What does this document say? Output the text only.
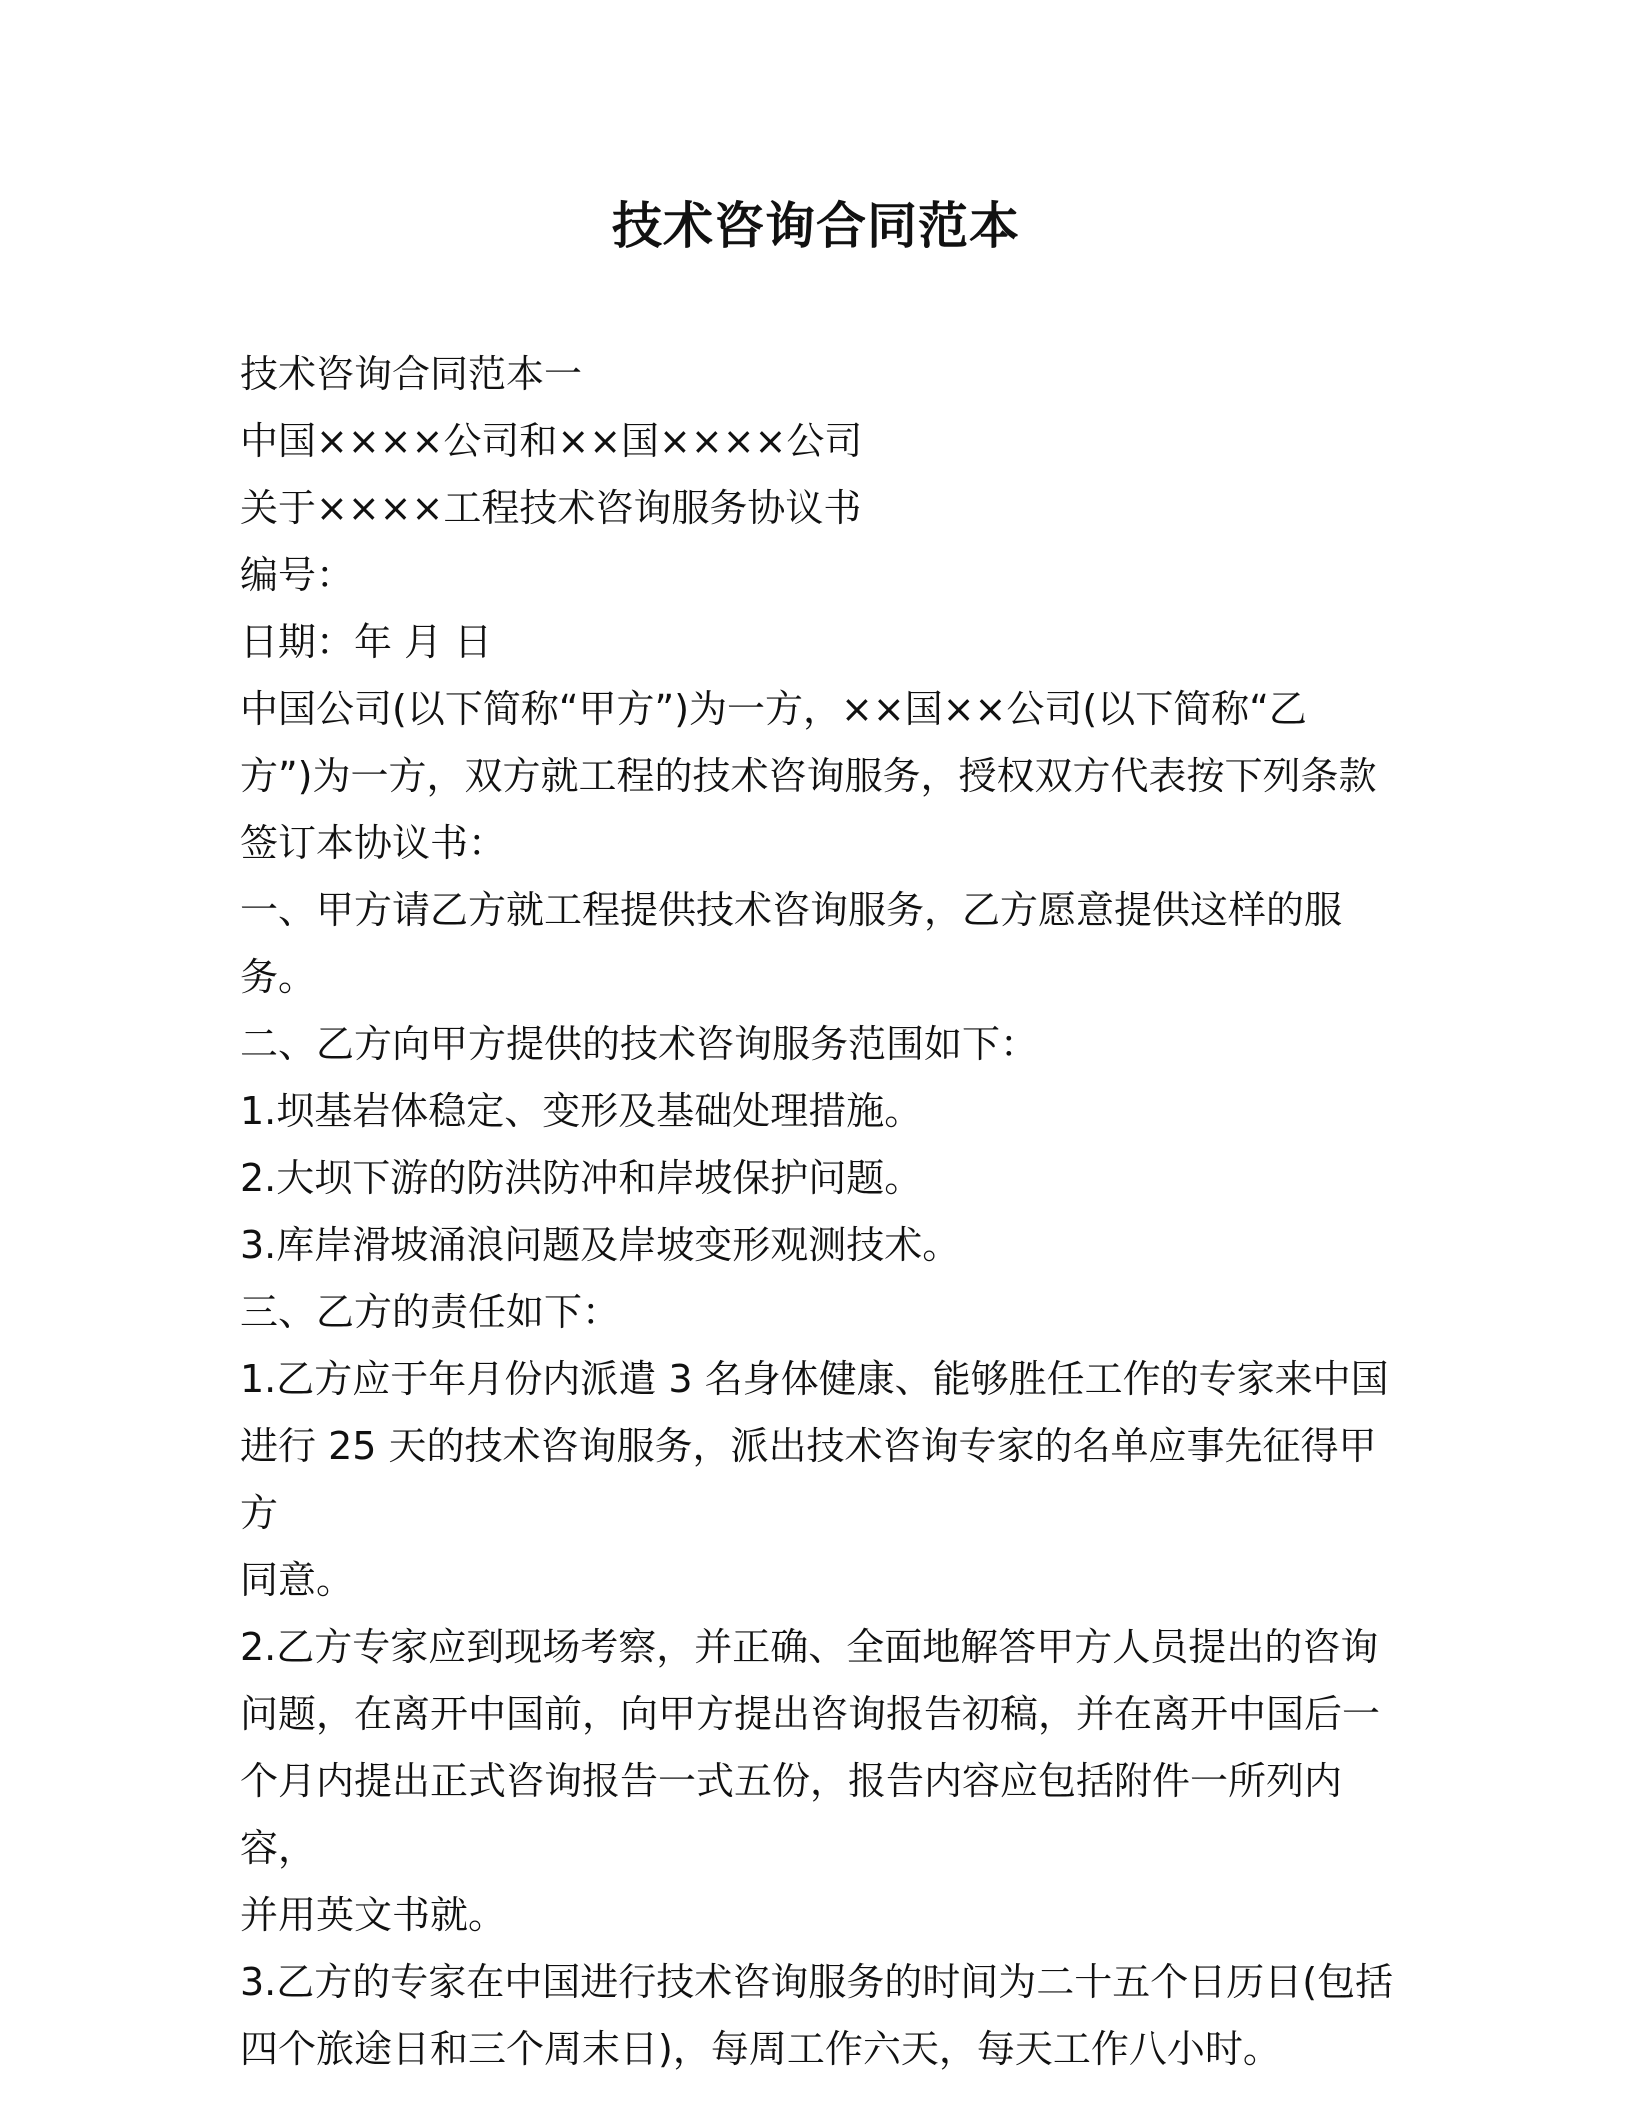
技术咨询合同范本

技术咨询合同范本一

中国××××公司和××国××××公司

关于××××工程技术咨询服务协议书

编号：

日期：年 月 日

中国公司(以下简称“甲方”)为一方，××国××公司(以下简称“乙
方”)为一方，双方就工程的技术咨询服务，授权双方代表按下列条款
签订本协议书：

一、甲方请乙方就工程提供技术咨询服务，乙方愿意提供这样的服务。

二、乙方向甲方提供的技术咨询服务范围如下：

1.坝基岩体稳定、变形及基础处理措施。

2.大坝下游的防洪防冲和岸坡保护问题。

3.库岸滑坡涌浪问题及岸坡变形观测技术。

三、乙方的责任如下：

1.乙方应于年月份内派遣 3 名身体健康、能够胜任工作的专家来中国
进行 25 天的技术咨询服务，派出技术咨询专家的名单应事先征得甲方
同意。

2.乙方专家应到现场考察，并正确、全面地解答甲方人员提出的咨询
问题，在离开中国前，向甲方提出咨询报告初稿，并在离开中国后一
个月内提出正式咨询报告一式五份，报告内容应包括附件一所列内容，
并用英文书就。

3.乙方的专家在中国进行技术咨询服务的时间为二十五个日历日(包括
四个旅途日和三个周末日)，每周工作六天，每天工作八小时。
